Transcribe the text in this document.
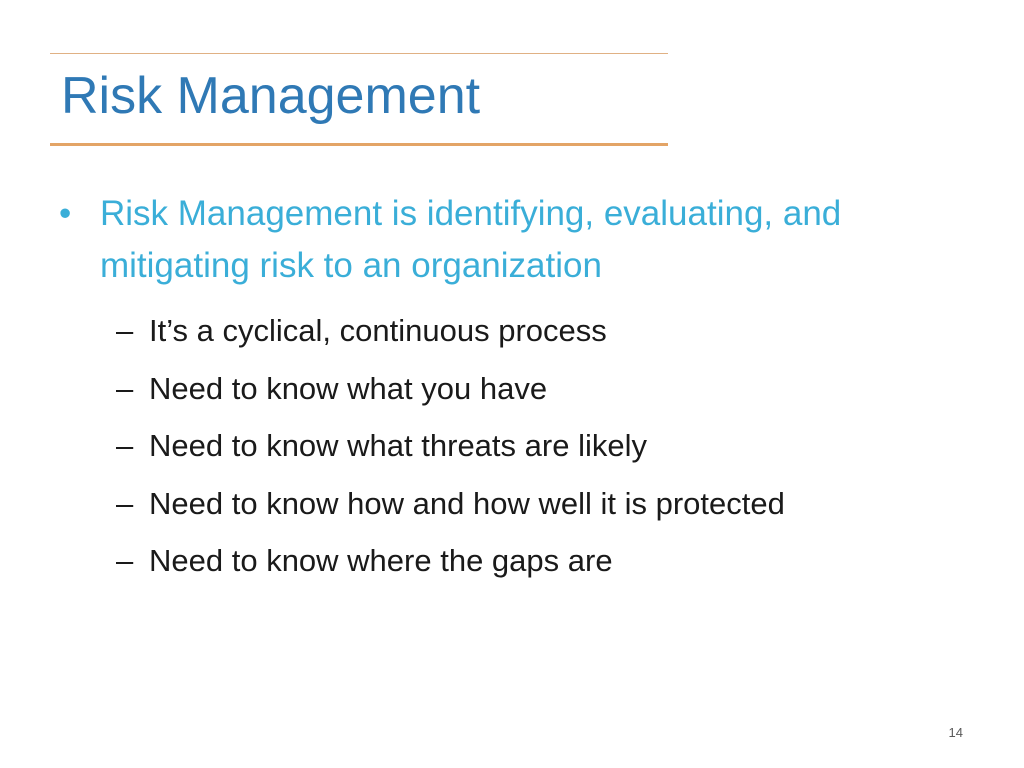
Risk Management
• Risk Management is identifying, evaluating, and mitigating risk to an organization
– It’s a cyclical, continuous process
– Need to know what you have
– Need to know what threats are likely
– Need to know how and how well it is protected
– Need to know where the gaps are
14
